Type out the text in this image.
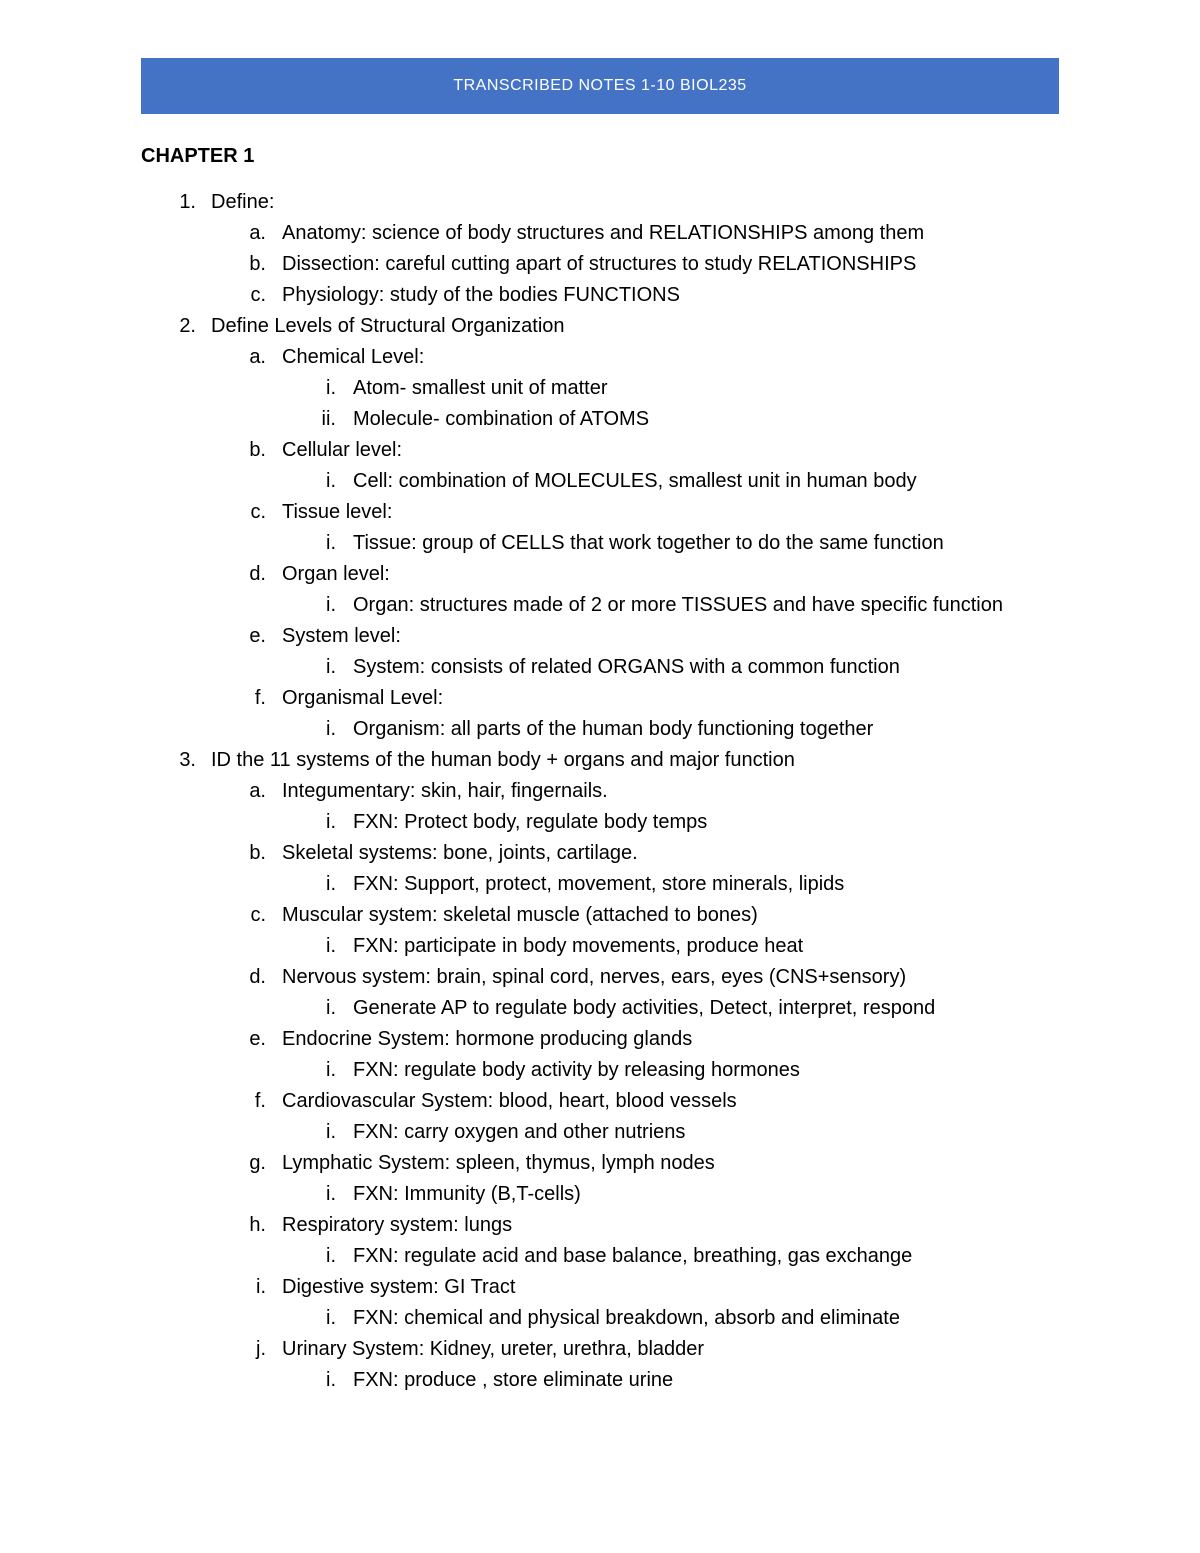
TRANSCRIBED NOTES 1-10 BIOL235
CHAPTER 1
1. Define:
a. Anatomy: science of body structures and RELATIONSHIPS among them
b. Dissection: careful cutting apart of structures to study RELATIONSHIPS
c. Physiology: study of the bodies FUNCTIONS
2. Define Levels of Structural Organization
a. Chemical Level:
i. Atom- smallest unit of matter
ii. Molecule- combination of ATOMS
b. Cellular level:
i. Cell: combination of MOLECULES, smallest unit in human body
c. Tissue level:
i. Tissue: group of CELLS that work together to do the same function
d. Organ level:
i. Organ: structures made of 2 or more TISSUES and have specific function
e. System level:
i. System: consists of related ORGANS with a common function
f. Organismal Level:
i. Organism: all parts of the human body functioning together
3. ID the 11 systems of the human body + organs and major function
a. Integumentary: skin, hair, fingernails.
i. FXN: Protect body, regulate body temps
b. Skeletal systems: bone, joints, cartilage.
i. FXN: Support, protect, movement, store minerals, lipids
c. Muscular system: skeletal muscle (attached to bones)
i. FXN: participate in body movements, produce heat
d. Nervous system: brain, spinal cord, nerves, ears, eyes (CNS+sensory)
i. Generate AP to regulate body activities, Detect, interpret, respond
e. Endocrine System: hormone producing glands
i. FXN: regulate body activity by releasing hormones
f. Cardiovascular System: blood, heart, blood vessels
i. FXN: carry oxygen and other nutriens
g. Lymphatic System: spleen, thymus, lymph nodes
i. FXN: Immunity (B,T-cells)
h. Respiratory system: lungs
i. FXN: regulate acid and base balance, breathing, gas exchange
i. Digestive system: GI Tract
i. FXN: chemical and physical breakdown, absorb and eliminate
j. Urinary System: Kidney, ureter, urethra, bladder
i. FXN: produce , store eliminate urine
